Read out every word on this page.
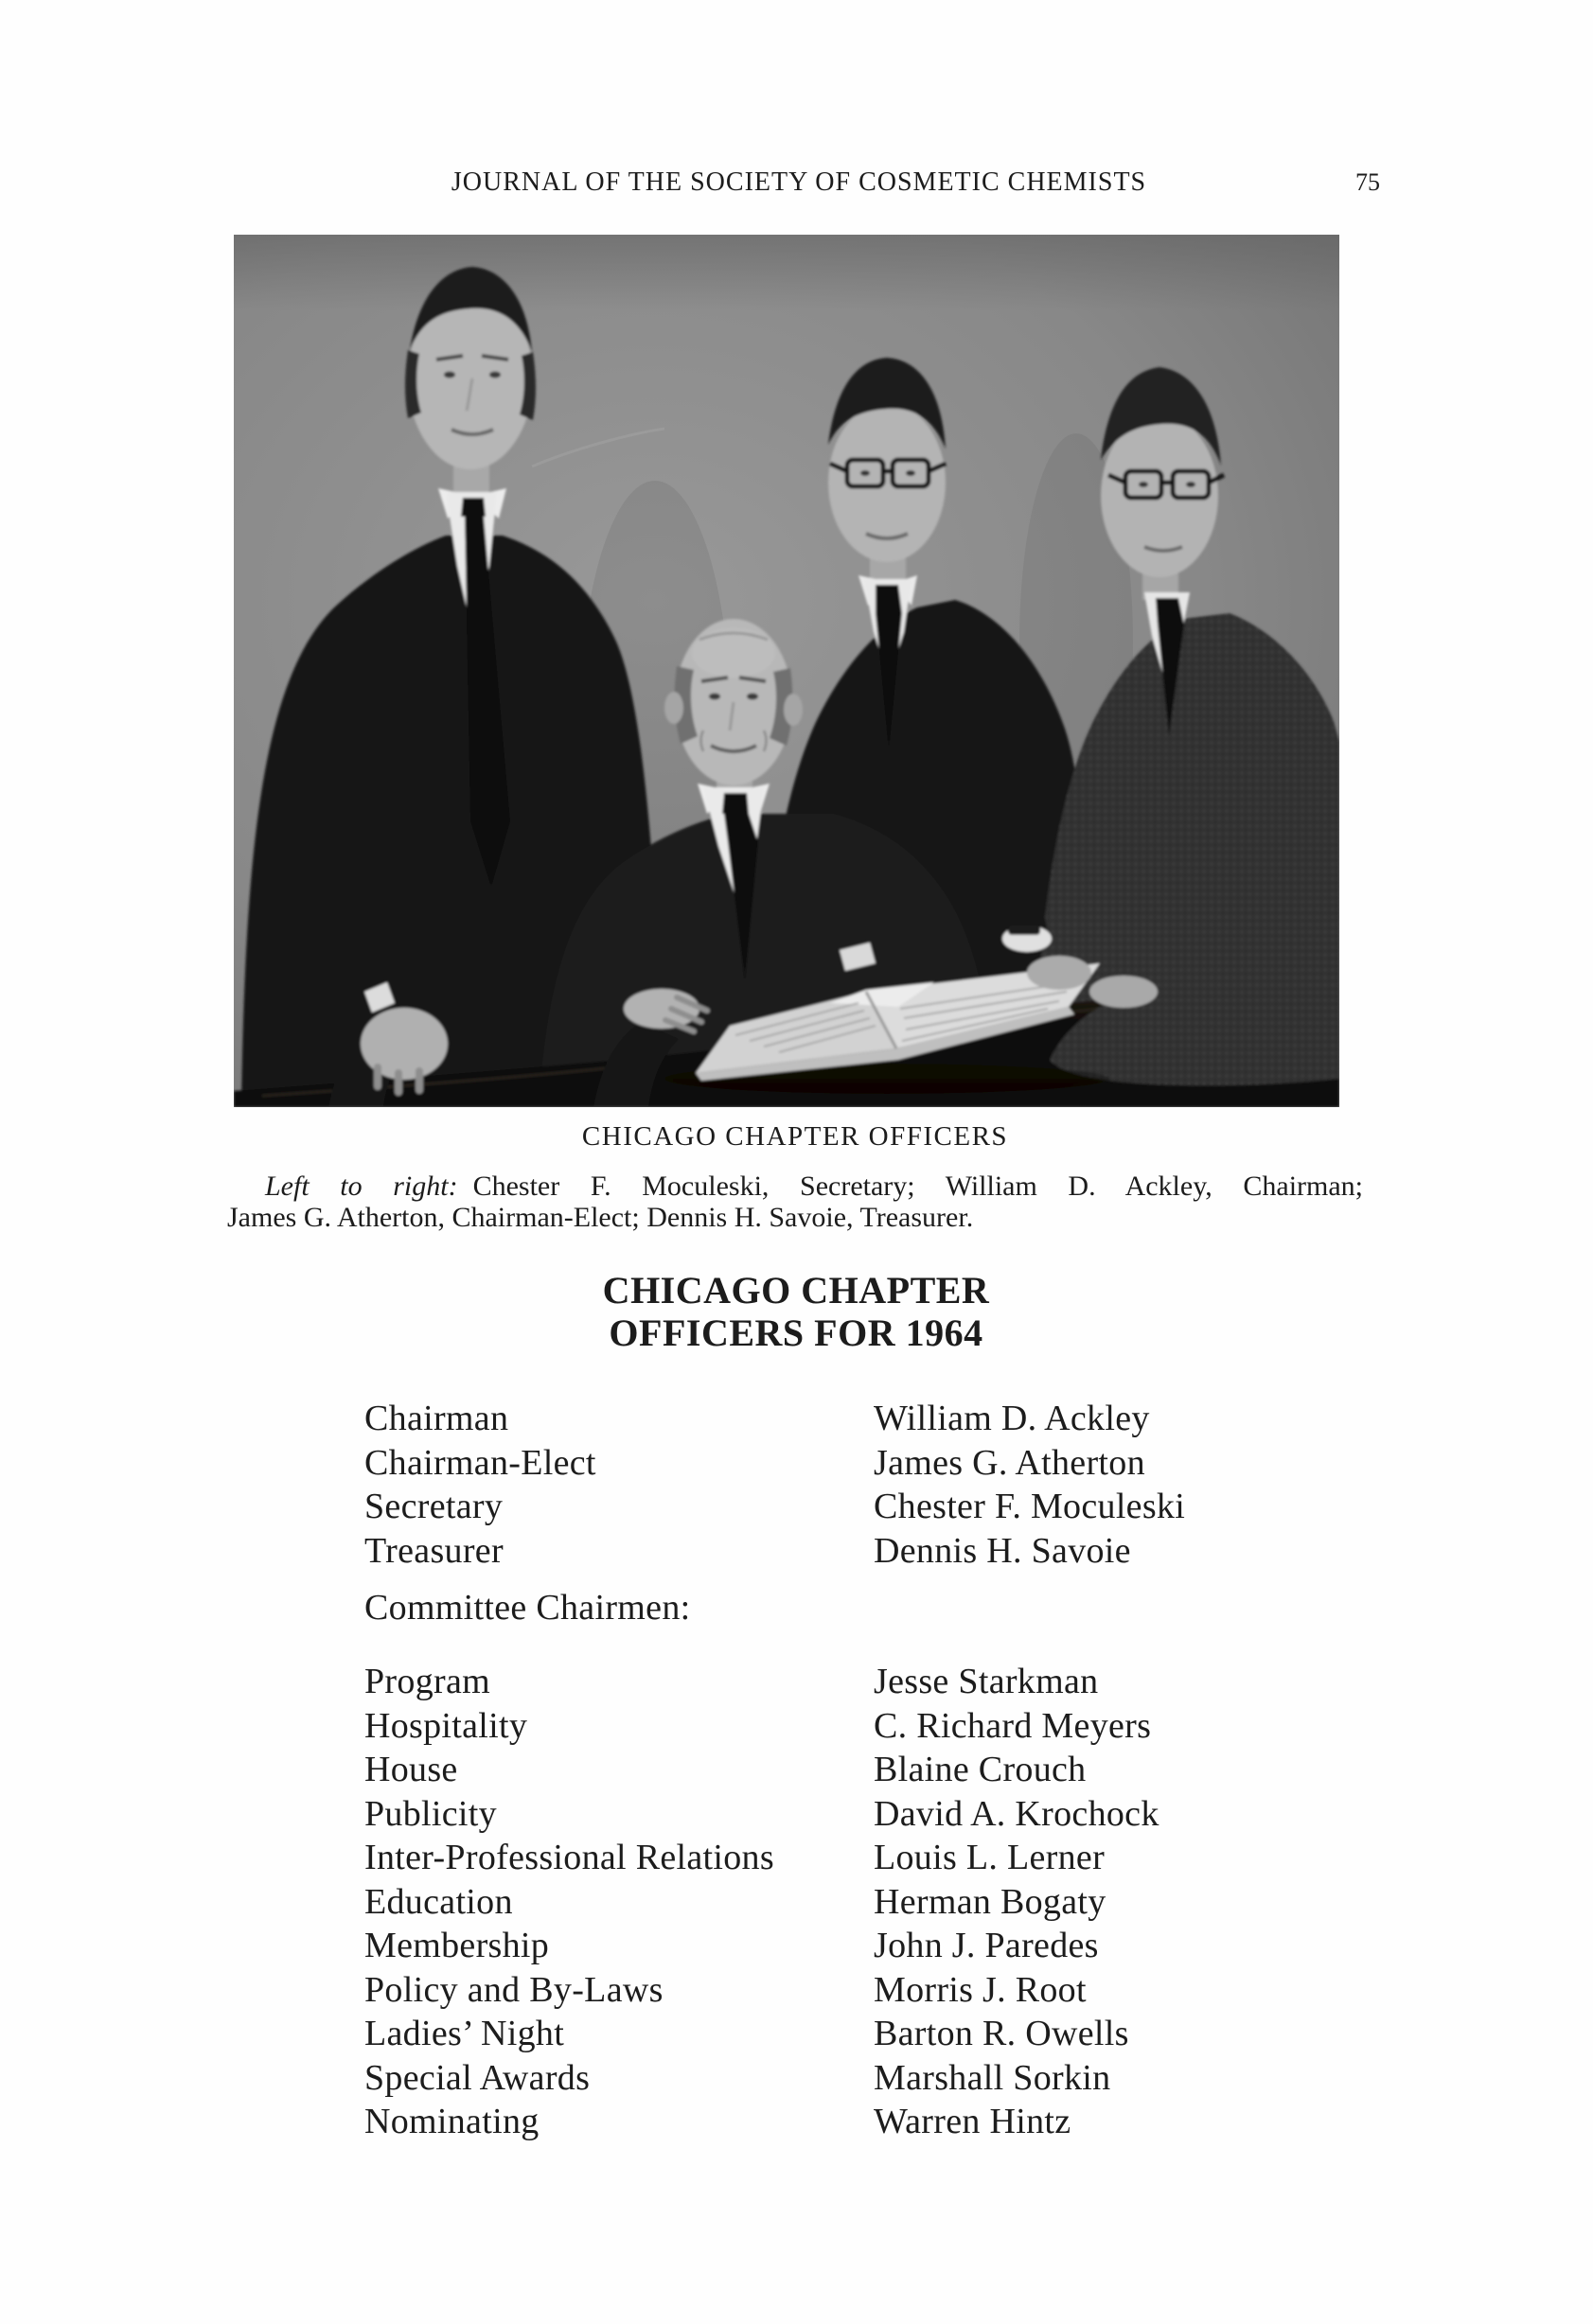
JOURNAL OF THE SOCIETY OF COSMETIC CHEMISTS	75
CHICAGO CHAPTER OFFICERS
Left to right: Chester F. Moculeski, Secretary; William D. Ackley, Chairman;
James G. Atherton, Chairman-Elect; Dennis H. Savoie, Treasurer.
CHICAGO CHAPTER
OFFICERS FOR 1964
Chairman	William D. Ackley
Chairman-Elect	James G. Atherton
Secretary	Chester F. Moculeski
Treasurer	Dennis H. Savoie
Committee Chairmen:
Program	Jesse Starkman
Hospitality	C. Richard Meyers
House	Blaine Crouch
Publicity	David A. Krochock
Inter-Professional Relations	Louis L. Lerner
Education	Herman Bogaty
Membership	John J. Paredes
Policy and By-Laws	Morris J. Root
Ladies’ Night	Barton R. Owells
Special Awards	Marshall Sorkin
Nominating	Warren Hintz
